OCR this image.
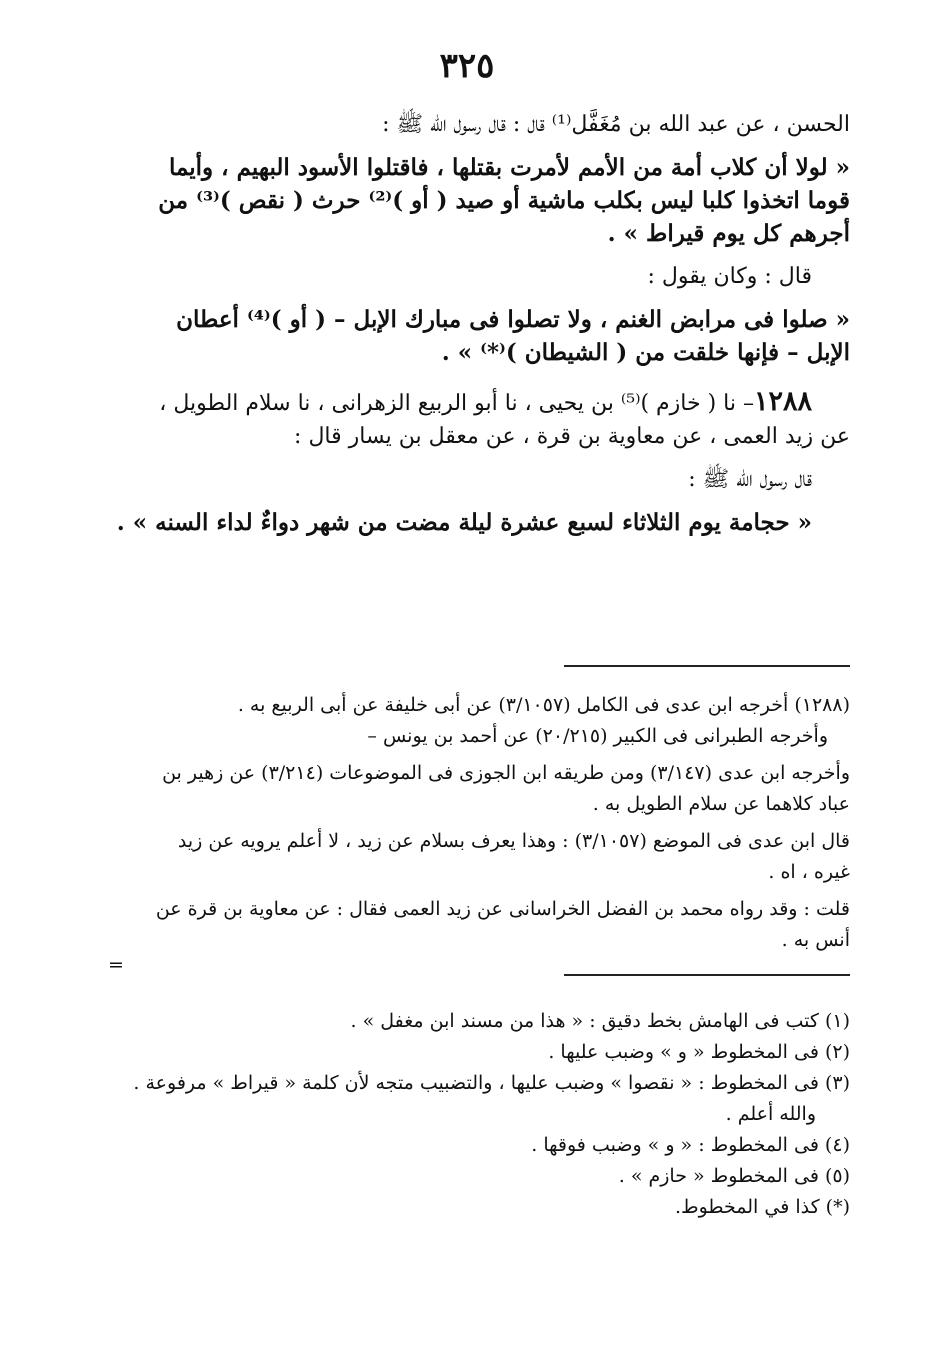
٣٢٥
الحسن ، عن عبد الله بن مُغَفَّل⁽¹⁾ قال : قال رسول الله ﷺ :
« لولا أن كلاب أمة من الأمم لأمرت بقتلها ، فاقتلوا الأسود البهيم ، وأيما
قوما اتخذوا كلبا ليس بكلب ماشية أو صيد ( أو )⁽²⁾ حرث ( نقص )⁽³⁾ من
أجرهم كل يوم قيراط » .
قال : وكان يقول :
« صلوا فى مرابض الغنم ، ولا تصلوا فى مبارك الإبل – ( أو )⁽⁴⁾ أعطان
الإبل – فإنها خلقت من ( الشيطان )⁽*⁾ » .
١٢٨٨– نا ( خازم )⁽⁵⁾ بن يحيى ، نا أبو الربيع الزهرانى ، نا سلام الطويل ،
عن زيد العمى ، عن معاوية بن قرة ، عن معقل بن يسار قال :
قال رسول الله ﷺ :
« حجامة يوم الثلاثاء لسبع عشرة ليلة مضت من شهر دواءٌ لداء السنه » .
(١٢٨٨) أخرجه ابن عدى فى الكامل (٣/١٠٥٧) عن أبى خليفة عن أبى الربيع به .
وأخرجه الطبرانى فى الكبير (٢٠/٢١٥) عن أحمد بن يونس –
وأخرجه ابن عدى (٣/١٤٧) ومن طريقه ابن الجوزى فى الموضوعات (٣/٢١٤) عن زهير بن
عباد كلاهما عن سلام الطويل به .
قال ابن عدى فى الموضع (٣/١٠٥٧) : وهذا يعرف بسلام عن زيد ، لا أعلم يرويه عن زيد
غيره ، اه .
قلت : وقد رواه محمد بن الفضل الخراسانى عن زيد العمى فقال : عن معاوية بن قرة عن
أنس به .
=
(١) كتب فى الهامش بخط دقيق : « هذا من مسند ابن مغفل » .
(٢) فى المخطوط « و » وضبب عليها .
(٣) فى المخطوط : « نقصوا » وضبب عليها ، والتضبيب متجه لأن كلمة « قيراط » مرفوعة .
والله أعلم .
(٤) فى المخطوط : « و » وضبب فوقها .
(٥) فى المخطوط « حازم » .
(*) كذا في المخطوط.
